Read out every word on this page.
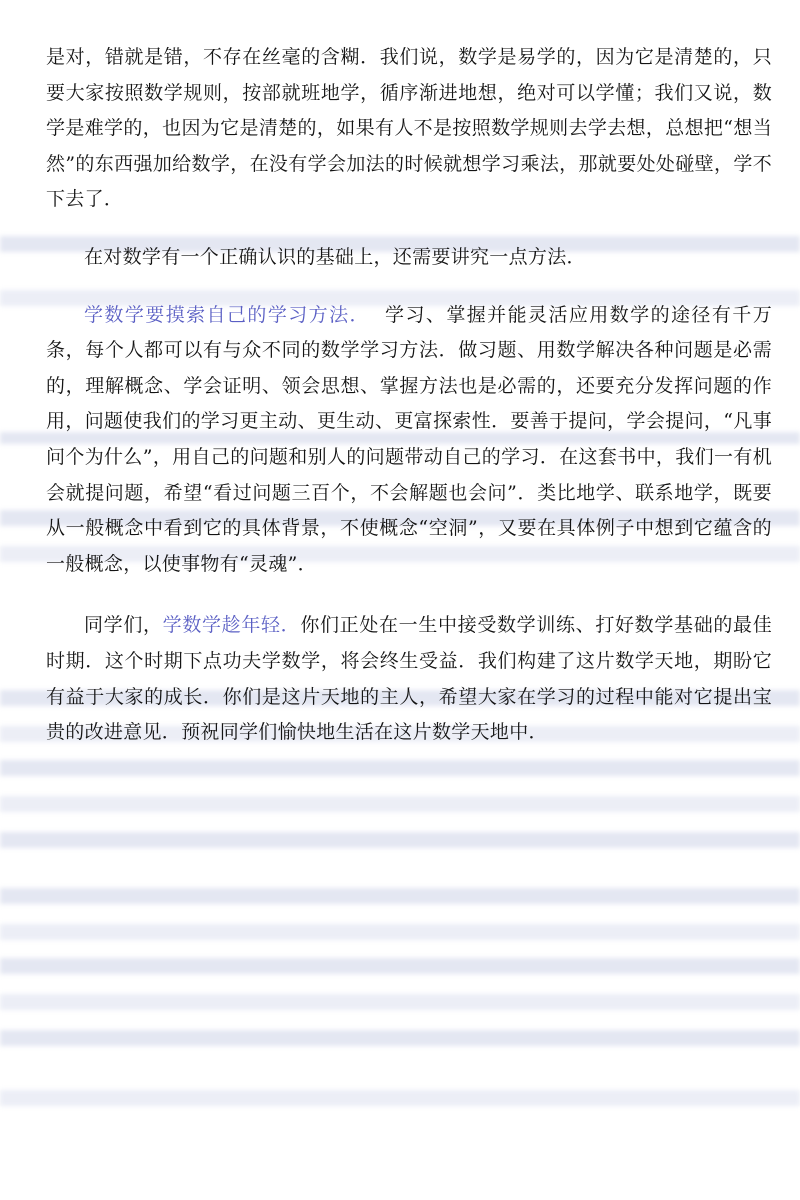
是对，错就是错，不存在丝毫的含糊．我们说，数学是易学的，因为它是清楚的，只要大家按照数学规则，按部就班地学，循序渐进地想，绝对可以学懂；我们又说，数学是难学的，也因为它是清楚的，如果有人不是按照数学规则去学去想，总想把“想当然”的东西强加给数学，在没有学会加法的时候就想学习乘法，那就要处处碰壁，学不下去了．

在对数学有一个正确认识的基础上，还需要讲究一点方法．

学数学要摸索自己的学习方法． 学习、掌握并能灵活应用数学的途径有千万条，每个人都可以有与众不同的数学学习方法．做习题、用数学解决各种问题是必需的，理解概念、学会证明、领会思想、掌握方法也是必需的，还要充分发挥问题的作用，问题使我们的学习更主动、更生动、更富探索性．要善于提问，学会提问，“凡事问个为什么”，用自己的问题和别人的问题带动自己的学习．在这套书中，我们一有机会就提问题，希望“看过问题三百个，不会解题也会问”．类比地学、联系地学，既要从一般概念中看到它的具体背景，不使概念“空洞”，又要在具体例子中想到它蕴含的一般概念，以使事物有“灵魂”．

同学们，学数学趁年轻．你们正处在一生中接受数学训练、打好数学基础的最佳时期．这个时期下点功夫学数学，将会终生受益．我们构建了这片数学天地，期盼它有益于大家的成长．你们是这片天地的主人，希望大家在学习的过程中能对它提出宝贵的改进意见．预祝同学们愉快地生活在这片数学天地中．
